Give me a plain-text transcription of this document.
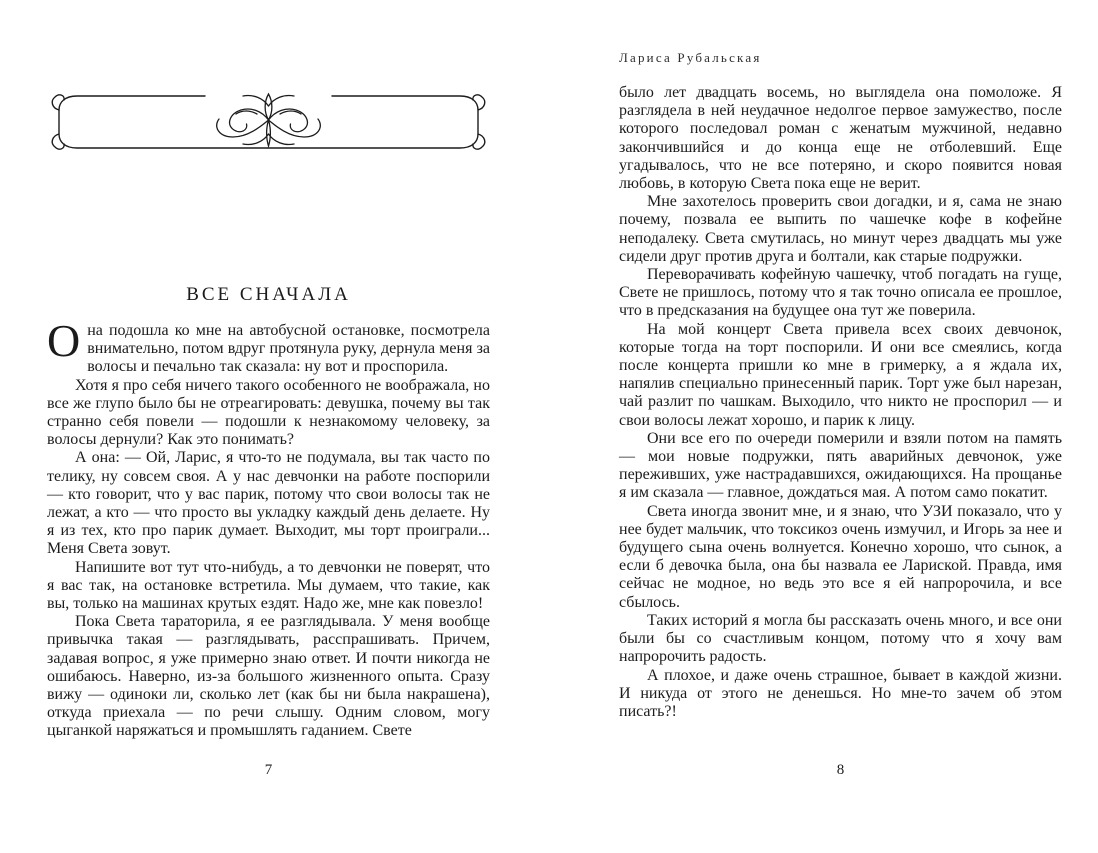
ВСЕ СНАЧАЛА

Она подошла ко мне на автобусной остановке, посмотрела внимательно, потом вдруг протянула руку, дернула меня за волосы и печально так сказала: ну вот и проспорила.

Хотя я про себя ничего такого особенного не воображала, но все же глупо было бы не отреагировать: девушка, почему вы так странно себя повели — подошли к незнакомому человеку, за волосы дернули? Как это понимать?

А она: — Ой, Ларис, я что-то не подумала, вы так часто по телику, ну совсем своя. А у нас девчонки на работе поспорили — кто говорит, что у вас парик, потому что свои волосы так не лежат, а кто — что просто вы укладку каждый день делаете. Ну я из тех, кто про парик думает. Выходит, мы торт проиграли... Меня Света зовут.

Напишите вот тут что-нибудь, а то девчонки не поверят, что я вас так, на остановке встретила. Мы думаем, что такие, как вы, только на машинах крутых ездят. Надо же, мне как повезло!

Пока Света тараторила, я ее разглядывала. У меня вообще привычка такая — разглядывать, расспрашивать. Причем, задавая вопрос, я уже примерно знаю ответ. И почти никогда не ошибаюсь. Наверно, из-за большого жизненного опыта. Сразу вижу — одиноки ли, сколько лет (как бы ни была накрашена), откуда приехала — по речи слышу. Одним словом, могу цыганкой наряжаться и промышлять гаданием. Свете

7
Лариса Рубальская

было лет двадцать восемь, но выглядела она помоложе. Я разглядела в ней неудачное недолгое первое замужество, после которого последовал роман с женатым мужчиной, недавно закончившийся и до конца еще не отболевший. Еще угадывалось, что не все потеряно, и скоро появится новая любовь, в которую Света пока еще не верит.

Мне захотелось проверить свои догадки, и я, сама не знаю почему, позвала ее выпить по чашечке кофе в кофейне неподалеку. Света смутилась, но минут через двадцать мы уже сидели друг против друга и болтали, как старые подружки.

Переворачивать кофейную чашечку, чтоб погадать на гуще, Свете не пришлось, потому что я так точно описала ее прошлое, что в предсказания на будущее она тут же поверила.

На мой концерт Света привела всех своих девчонок, которые тогда на торт поспорили. И они все смеялись, когда после концерта пришли ко мне в гримерку, а я ждала их, напялив специально принесенный парик. Торт уже был нарезан, чай разлит по чашкам. Выходило, что никто не проспорил — и свои волосы лежат хорошо, и парик к лицу.

Они все его по очереди померили и взяли потом на память — мои новые подружки, пять аварийных девчонок, уже переживших, уже настрадавшихся, ожидающихся. На прощанье я им сказала — главное, дождаться мая. А потом само покатит.

Света иногда звонит мне, и я знаю, что УЗИ показало, что у нее будет мальчик, что токсикоз очень измучил, и Игорь за нее и будущего сына очень волнуется. Конечно хорошо, что сынок, а если б девочка была, она бы назвала ее Лариской. Правда, имя сейчас не модное, но ведь это все я ей напророчила, и все сбылось.

Таких историй я могла бы рассказать очень много, и все они были бы со счастливым концом, потому что я хочу вам напророчить радость.

А плохое, и даже очень страшное, бывает в каждой жизни. И никуда от этого не денешься. Но мне-то зачем об этом писать?!

8
